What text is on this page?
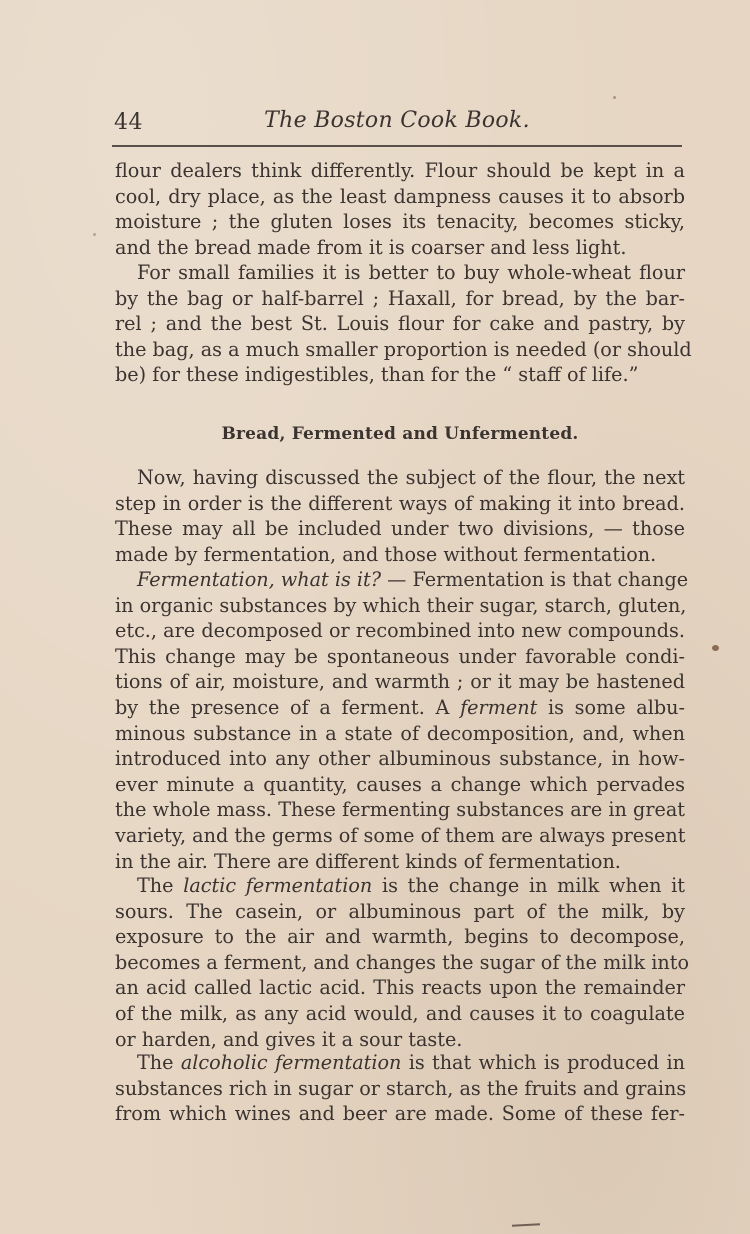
44	The Boston Cook Book.
flour dealers think differently. Flour should be kept in a
cool, dry place, as the least dampness causes it to absorb
moisture ; the gluten loses its tenacity, becomes sticky,
and the bread made from it is coarser and less light.
For small families it is better to buy whole-wheat flour
by the bag or half-barrel ; Haxall, for bread, by the bar-
rel ; and the best St. Louis flour for cake and pastry, by
the bag, as a much smaller proportion is needed (or should
be) for these indigestibles, than for the “ staff of life.”
Bread, Fermented and Unfermented.
Now, having discussed the subject of the flour, the next
step in order is the different ways of making it into bread.
These may all be included under two divisions, — those
made by fermentation, and those without fermentation.
Fermentation, what is it? — Fermentation is that change
in organic substances by which their sugar, starch, gluten,
etc., are decomposed or recombined into new compounds.
This change may be spontaneous under favorable condi-
tions of air, moisture, and warmth ; or it may be hastened
by the presence of a ferment. A ferment is some albu-
minous substance in a state of decomposition, and, when
introduced into any other albuminous substance, in how-
ever minute a quantity, causes a change which pervades
the whole mass. These fermenting substances are in great
variety, and the germs of some of them are always present
in the air. There are different kinds of fermentation.
The lactic fermentation is the change in milk when it
sours. The casein, or albuminous part of the milk, by
exposure to the air and warmth, begins to decompose,
becomes a ferment, and changes the sugar of the milk into
an acid called lactic acid. This reacts upon the remainder
of the milk, as any acid would, and causes it to coagulate
or harden, and gives it a sour taste.
The alcoholic fermentation is that which is produced in
substances rich in sugar or starch, as the fruits and grains
from which wines and beer are made. Some of these fer-
